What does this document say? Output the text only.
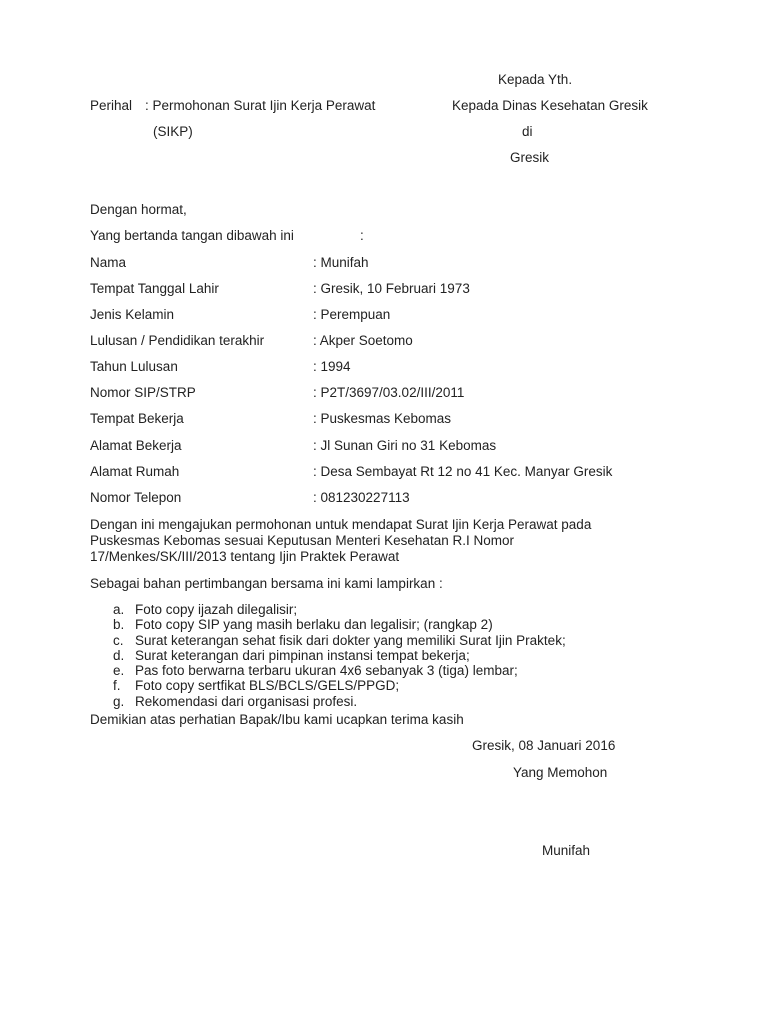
Kepada Yth.
Perihal : Permohonan Surat Ijin Kerja Perawat	Kepada Dinas Kesehatan Gresik
(SIKP)	di
Gresik
Dengan hormat,
Yang bertanda tangan dibawah ini	:
Nama	: Munifah
Tempat Tanggal Lahir	: Gresik, 10 Februari 1973
Jenis Kelamin	: Perempuan
Lulusan / Pendidikan terakhir	: Akper Soetomo
Tahun Lulusan	: 1994
Nomor SIP/STRP	: P2T/3697/03.02/III/2011
Tempat Bekerja	: Puskesmas Kebomas
Alamat Bekerja	: Jl Sunan Giri no 31 Kebomas
Alamat Rumah	: Desa Sembayat Rt 12 no 41 Kec. Manyar Gresik
Nomor Telepon	: 081230227113
Dengan ini mengajukan permohonan untuk mendapat Surat Ijin Kerja Perawat pada
Puskesmas Kebomas sesuai Keputusan Menteri Kesehatan R.I Nomor
17/Menkes/SK/III/2013 tentang Ijin Praktek Perawat
Sebagai bahan pertimbangan bersama ini kami lampirkan :
a. Foto copy ijazah dilegalisir;
b. Foto copy SIP yang masih berlaku dan legalisir; (rangkap 2)
c. Surat keterangan sehat fisik dari dokter yang memiliki Surat Ijin Praktek;
d. Surat keterangan dari pimpinan instansi tempat bekerja;
e. Pas foto berwarna terbaru ukuran 4x6 sebanyak 3 (tiga) lembar;
f. Foto copy sertfikat BLS/BCLS/GELS/PPGD;
g. Rekomendasi dari organisasi profesi.
Demikian atas perhatian Bapak/Ibu kami ucapkan terima kasih
Gresik, 08 Januari 2016
Yang Memohon
Munifah
